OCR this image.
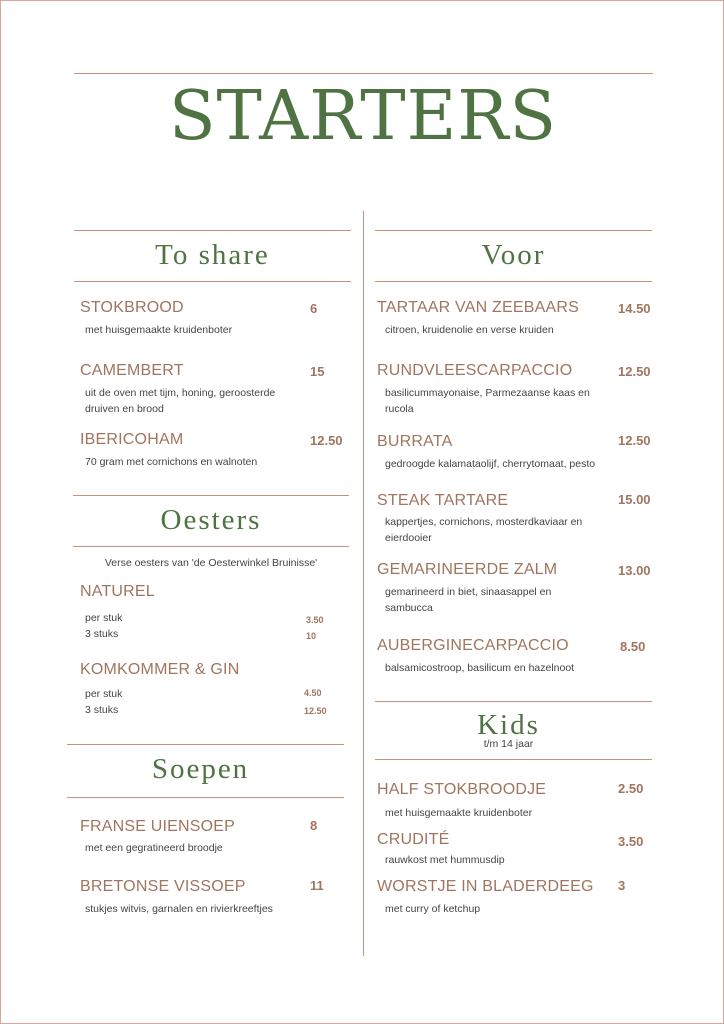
STARTERS
To share
STOKBROOD	6
met huisgemaakte kruidenboter
CAMEMBERT	15
uit de oven met tijm, honing, geroosterde druiven en brood
IBERICOHAM	12.50
70 gram met cornichons en walnoten
Oesters
Verse oesters van 'de Oesterwinkel Bruinisse'
NATUREL
per stuk	3.50
3 stuks	10
KOMKOMMER & GIN
per stuk	4.50
3 stuks	12.50
Soepen
FRANSE UIENSOEP	8
met een gegratineerd broodje
BRETONSE VISSOEP	11
stukjes witvis, garnalen en rivierkreeftjes
Voor
TARTAAR VAN ZEEBAARS	14.50
citroen, kruidenolie en verse kruiden
RUNDVLEESCARPACCIO	12.50
basilicummayonaise, Parmezaanse kaas en rucola
BURRATA	12.50
gedroogde kalamataolijf, cherrytomaat, pesto
STEAK TARTARE	15.00
kappertjes, cornichons, mosterdkaviaar en eierdooier
GEMARINEERDE ZALM	13.00
gemarineerd in biet, sinaasappel en sambucca
AUBERGINECARPACCIO	8.50
balsamicostroop, basilicum en hazelnoot
Kids
t/m 14 jaar
HALF STOKBROODJE	2.50
met huisgemaakte kruidenboter
CRUDITÉ	3.50
rauwkost met hummusdip
WORSTJE IN BLADERDEEG 3
met curry of ketchup
